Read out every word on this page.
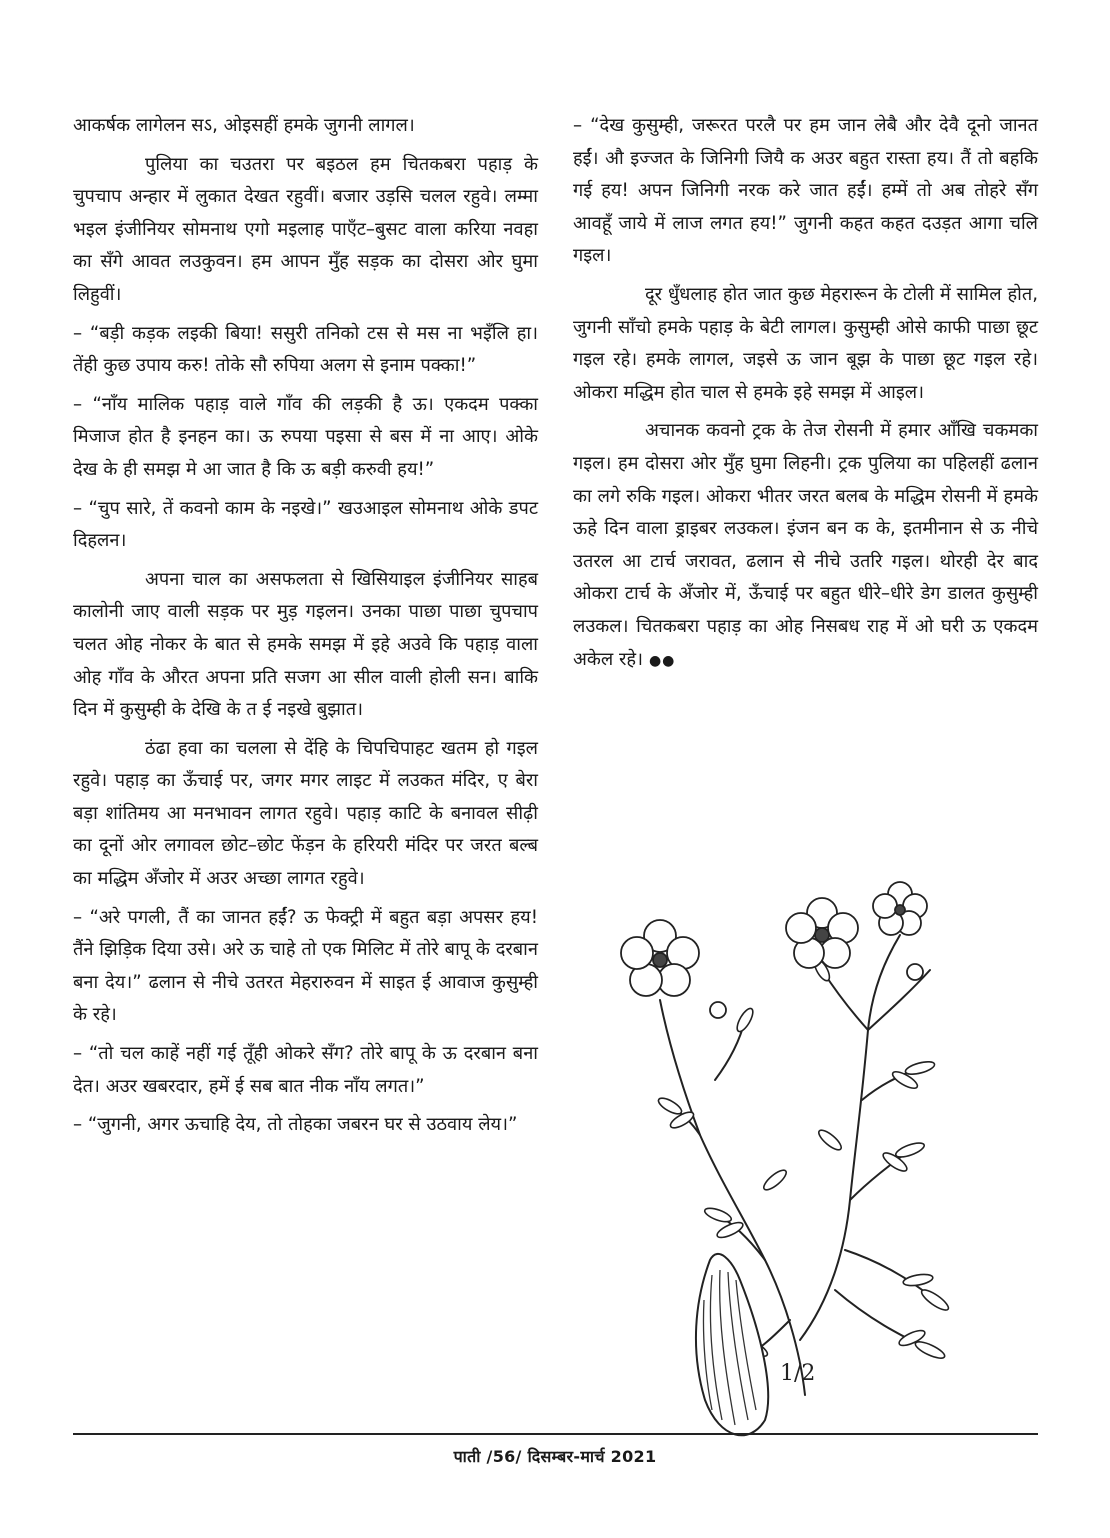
आकर्षक लागेलन सऽ, ओइसहीं हमके जुगनी लागल।

पुलिया का चउतरा पर बइठल हम चितकबरा पहाड़ के चुपचाप अन्हार में लुकात देखत रहुवीं। बजार उड़सि चलल रहुवे। लम्मा भइल इंजीनियर सोमनाथ एगो मइलाह पाएँट–बुसट वाला करिया नवहा का सँगे आवत लउकुवन। हम आपन मुँह सड़क का दोसरा ओर घुमा लिहुवीं।

– “बड़ी कड़क लइकी बिया! ससुरी तनिको टस से मस ना भइँलि हा। तेंही कुछ उपाय करु! तोके सौ रुपिया अलग से इनाम पक्का!”

– “नाँय मालिक पहाड़ वाले गाँव की लड़की है ऊ। एकदम पक्का मिजाज होत है इनहन का। ऊ रुपया पइसा से बस में ना आए। ओके देख के ही समझ मे आ जात है कि ऊ बड़ी करुवी हय!”

– “चुप सारे, तें कवनो काम के नइखे।” खउआइल सोमनाथ ओके डपट दिहलन।

अपना चाल का असफलता से खिसियाइल इंजीनियर साहब कालोनी जाए वाली सड़क पर मुड़ गइलन। उनका पाछा पाछा चुपचाप चलत ओह नोकर के बात से हमके समझ में इहे अउवे कि पहाड़ वाला ओह गाँव के औरत अपना प्रति सजग आ सील वाली होली सन। बाकि दिन में कुसुम्ही के देखि के त ई नइखे बुझात।

ठंढा हवा का चलला से देंहि के चिपचिपाहट खतम हो गइल रहुवे। पहाड़ का ऊँचाई पर, जगर मगर लाइट में लउकत मंदिर, ए बेरा बड़ा शांतिमय आ मनभावन लागत रहुवे। पहाड़ काटि के बनावल सीढ़ी का दूनों ओर लगावल छोट–छोट फेंड़न के हरियरी मंदिर पर जरत बल्ब का मद्धिम अँजोर में अउर अच्छा लागत रहुवे।

– “अरे पगली, तैं का जानत हईं? ऊ फेक्ट्री में बहुत बड़ा अपसर हय! तैंने झिड़िक दिया उसे। अरे ऊ चाहे तो एक मिलिट में तोरे बापू के दरबान बना देय।” ढलान से नीचे उतरत मेहरारुवन में साइत ई आवाज कुसुम्ही के रहे।

– “तो चल काहें नहीं गई तूँही ओकरे सँग? तोरे बापू के ऊ दरबान बना देत। अउर खबरदार, हमें ई सब बात नीक नाँय लगत।”

– “जुगनी, अगर ऊचाहि देय, तो तोहका जबरन घर से उठवाय लेय।”

– “देख कुसुम्ही, जरूरत परलै पर हम जान लेबै और देवै दूनो जानत हईं। औ इज्जत के जिनिगी जियै क अउर बहुत रास्ता हय। तैं तो बहकि गई हय! अपन जिनिगी नरक करे जात हईं। हम्में तो अब तोहरे सँग आवहूँ जाये में लाज लगत हय!” जुगनी कहत कहत दउड़त आगा चलि गइल।

दूर धुँधलाह होत जात कुछ मेहरारून के टोली में सामिल होत, जुगनी साँचो हमके पहाड़ के बेटी लागल। कुसुम्ही ओसे काफी पाछा छूट गइल रहे। हमके लागल, जइसे ऊ जान बूझ के पाछा छूट गइल रहे। ओकरा मद्धिम होत चाल से हमके इहे समझ में आइल।

अचानक कवनो ट्रक के तेज रोसनी में हमार आँखि चकमका गइल। हम दोसरा ओर मुँह घुमा लिहनी। ट्रक पुलिया का पहिलहीं ढलान का लगे रुकि गइल। ओकरा भीतर जरत बलब के मद्धिम रोसनी में हमके ऊहे दिन वाला ड्राइबर लउकल। इंजन बन क के, इतमीनान से ऊ नीचे उतरल आ टार्च जरावत, ढलान से नीचे उतरि गइल। थोरही देर बाद ओकरा टार्च के अँजोर में, ऊँचाई पर बहुत धीरे–धीरे डेग डालत कुसुम्ही लउकल। चितकबरा पहाड़ का ओह निसबध राह में ओ घरी ऊ एकदम अकेल रहे। ●●

1/2
पाती /56/ दिसम्बर-मार्च 2021
